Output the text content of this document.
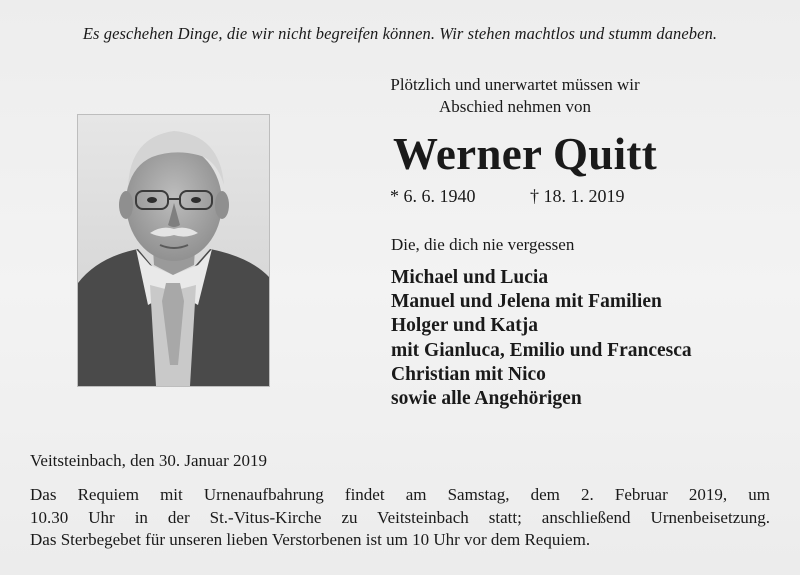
Es geschehen Dinge, die wir nicht begreifen können. Wir stehen machtlos und stumm daneben.
Plötzlich und unerwartet müssen wir
Abschied nehmen von
Werner Quitt
* 6. 6. 1940	† 18. 1. 2019
Die, die dich nie vergessen
Michael und Lucia
Manuel und Jelena mit Familien
Holger und Katja
mit Gianluca, Emilio und Francesca
Christian mit Nico
sowie alle Angehörigen
Veitsteinbach, den 30. Januar 2019
Das Requiem mit Urnenaufbahrung findet am Samstag, dem 2. Februar 2019, um
10.30 Uhr in der St.-Vitus-Kirche zu Veitsteinbach statt; anschließend Urnenbeisetzung.
Das Sterbegebet für unseren lieben Verstorbenen ist um 10 Uhr vor dem Requiem.
